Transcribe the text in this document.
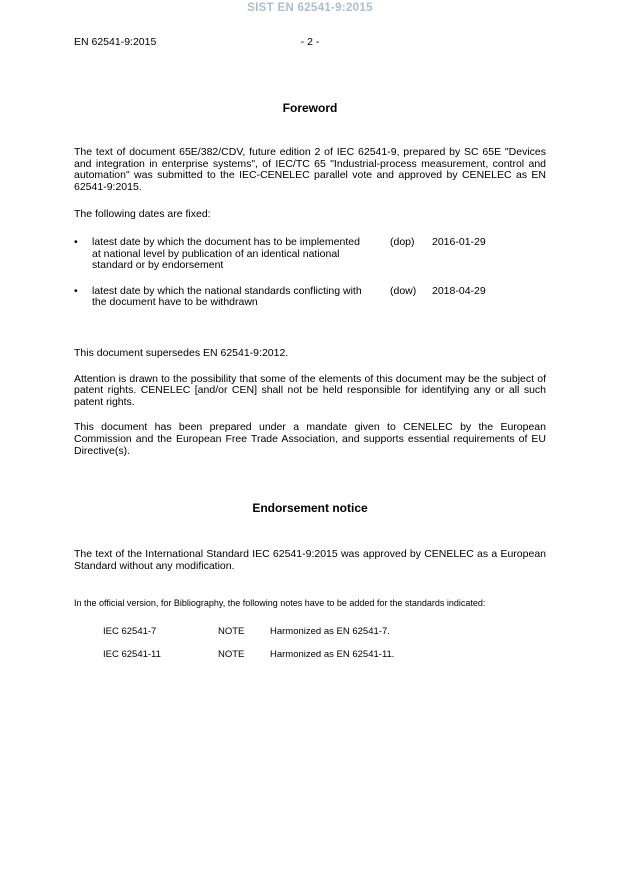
SIST EN 62541-9:2015
EN 62541-9:2015	- 2 -
Foreword

The text of document 65E/382/CDV, future edition 2 of IEC 62541-9, prepared by SC 65E "Devices and integration in enterprise systems", of IEC/TC 65 "Industrial-process measurement, control and automation" was submitted to the IEC-CENELEC parallel vote and approved by CENELEC as EN 62541-9:2015.

The following dates are fixed:

•	latest date by which the document has to be implemented at national level by publication of an identical national standard or by endorsement
(dop)	2016-01-29
•	latest date by which the national standards conflicting with the document have to be withdrawn
(dow)	2018-04-29

This document supersedes EN 62541-9:2012.

Attention is drawn to the possibility that some of the elements of this document may be the subject of patent rights. CENELEC [and/or CEN] shall not be held responsible for identifying any or all such patent rights.

This document has been prepared under a mandate given to CENELEC by the European Commission and the European Free Trade Association, and supports essential requirements of EU Directive(s).

Endorsement notice

The text of the International Standard IEC 62541-9:2015 was approved by CENELEC as a European Standard without any modification.

In the official version, for Bibliography, the following notes have to be added for the standards indicated:

IEC 62541-7	NOTE	Harmonized as EN 62541-7.
IEC 62541-11	NOTE	Harmonized as EN 62541-11.
